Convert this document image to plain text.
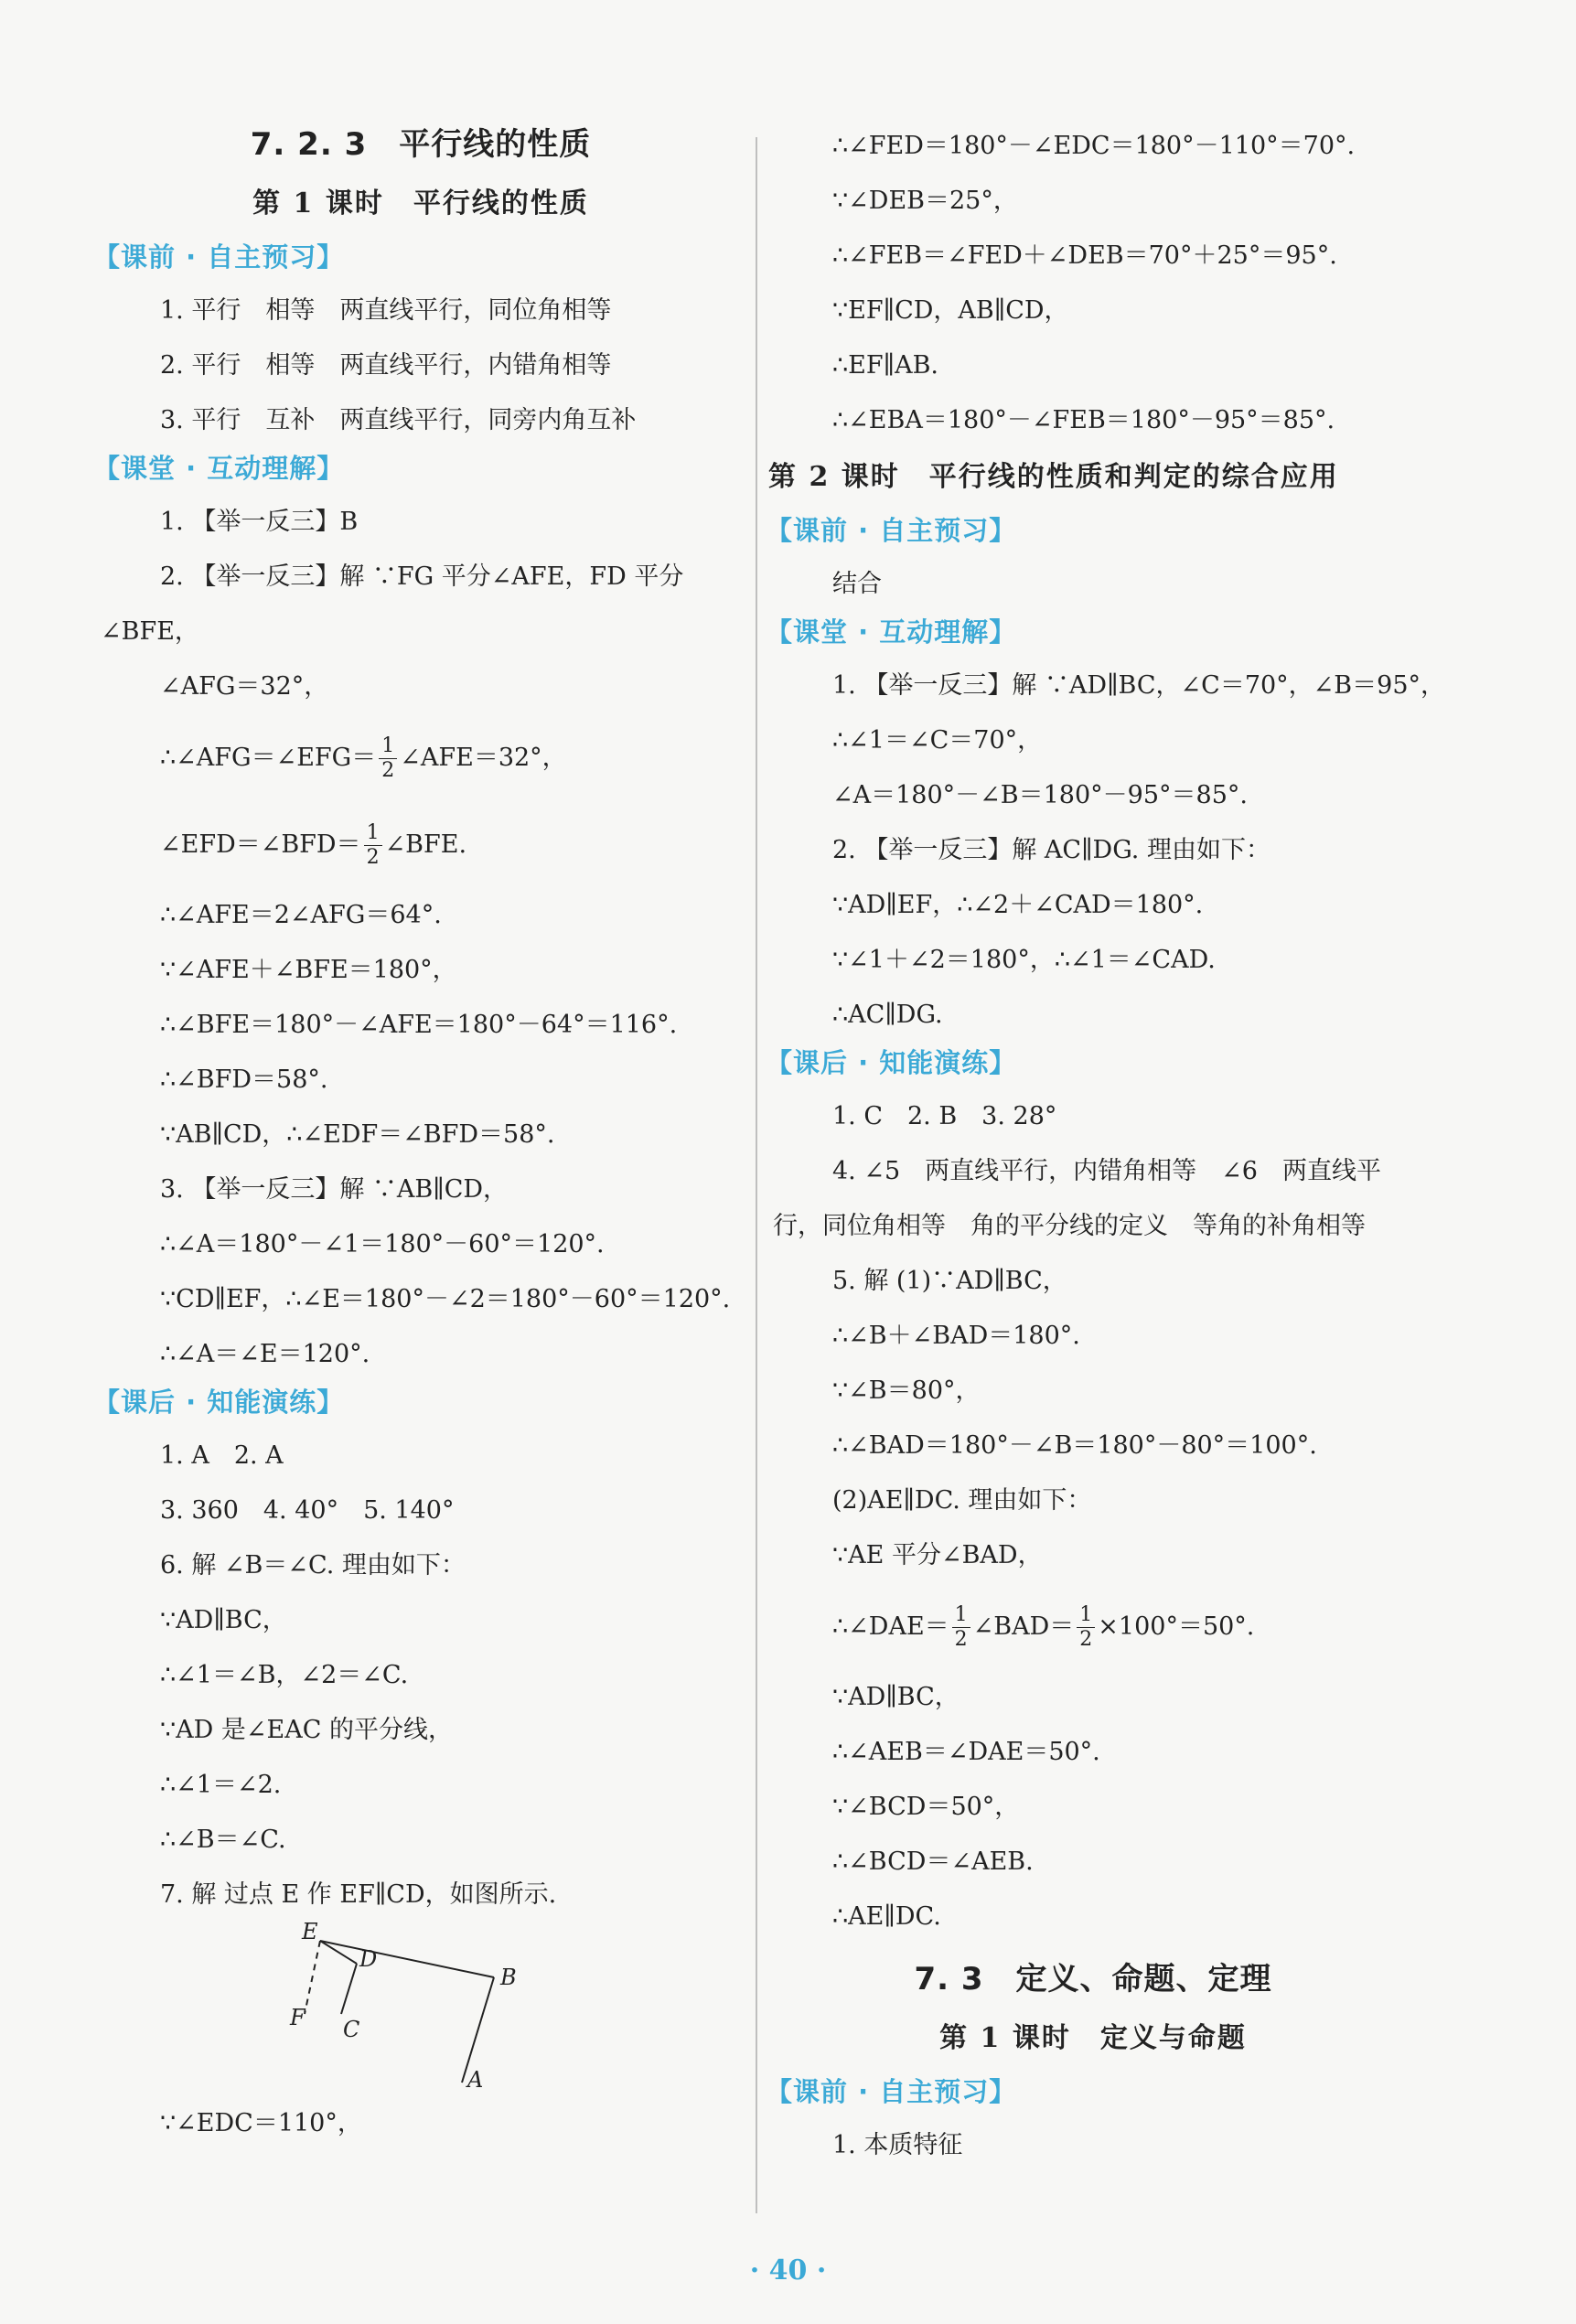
7. 2. 3　平行线的性质
第 1 课时　平行线的性质
【课前 · 自主预习】
1. 平行　相等　两直线平行，同位角相等
2. 平行　相等　两直线平行，内错角相等
3. 平行　互补　两直线平行，同旁内角互补
【课堂 · 互动理解】
1. 【举一反三】B
2. 【举一反三】解 ∵FG 平分∠AFE，FD 平分
∠BFE，
∠AFG＝32°，
∴∠AFG＝∠EFG＝ $\frac{1}{2}$ ∠AFE＝32°，
∠EFD＝∠BFD＝ $\frac{1}{2}$ ∠BFE.
∴∠AFE＝2∠AFG＝64°.
∵∠AFE＋∠BFE＝180°，
∴∠BFE＝180°－∠AFE＝180°－64°＝116°.
∴∠BFD＝58°.
∵AB∥CD，∴∠EDF＝∠BFD＝58°.
3. 【举一反三】解 ∵AB∥CD，
∴∠A＝180°－∠1＝180°－60°＝120°.
∵CD∥EF，∴∠E＝180°－∠2＝180°－60°＝120°.
∴∠A＝∠E＝120°.
【课后 · 知能演练】
1. A　2. A
3. 360　4. 40°　5. 140°
6. 解 ∠B＝∠C. 理由如下：
∵AD∥BC，
∴∠1＝∠B，∠2＝∠C.
∵AD 是∠EAC 的平分线，
∴∠1＝∠2.
∴∠B＝∠C.
7. 解 过点 E 作 EF∥CD，如图所示.
E
D
B
F C
A
∵∠EDC＝110°，
∴∠FED＝180°－∠EDC＝180°－110°＝70°.
∵∠DEB＝25°，
∴∠FEB＝∠FED＋∠DEB＝70°＋25°＝95°.
∵EF∥CD，AB∥CD，
∴EF∥AB.
∴∠EBA＝180°－∠FEB＝180°－95°＝85°.
第 2 课时　平行线的性质和判定的综合应用
【课前 · 自主预习】
结合
【课堂 · 互动理解】
1. 【举一反三】解 ∵AD∥BC，∠C＝70°，∠B＝95°，
∴∠1＝∠C＝70°，
∠A＝180°－∠B＝180°－95°＝85°.
2. 【举一反三】解 AC∥DG. 理由如下：
∵AD∥EF，∴∠2＋∠CAD＝180°.
∵∠1＋∠2＝180°，∴∠1＝∠CAD.
∴AC∥DG.
【课后 · 知能演练】
1. C　2. B　3. 28°
4. ∠5　两直线平行，内错角相等　∠6　两直线平
行，同位角相等　角的平分线的定义　等角的补角相等
5. 解 (1)∵AD∥BC，
∴∠B＋∠BAD＝180°.
∵∠B＝80°，
∴∠BAD＝180°－∠B＝180°－80°＝100°.
(2)AE∥DC. 理由如下：
∵AE 平分∠BAD，
∴∠DAE＝ $\frac{1}{2}$ ∠BAD＝ $\frac{1}{2} \times 100^\circ=50^\circ$.
∵AD∥BC，
∴∠AEB＝∠DAE＝50°.
∵∠BCD＝50°，
∴∠BCD＝∠AEB.
∴AE∥DC.
7. 3　定义、命题、定理
第 1 课时　定义与命题
【课前 · 自主预习】
1. 本质特征
· 40 ·
